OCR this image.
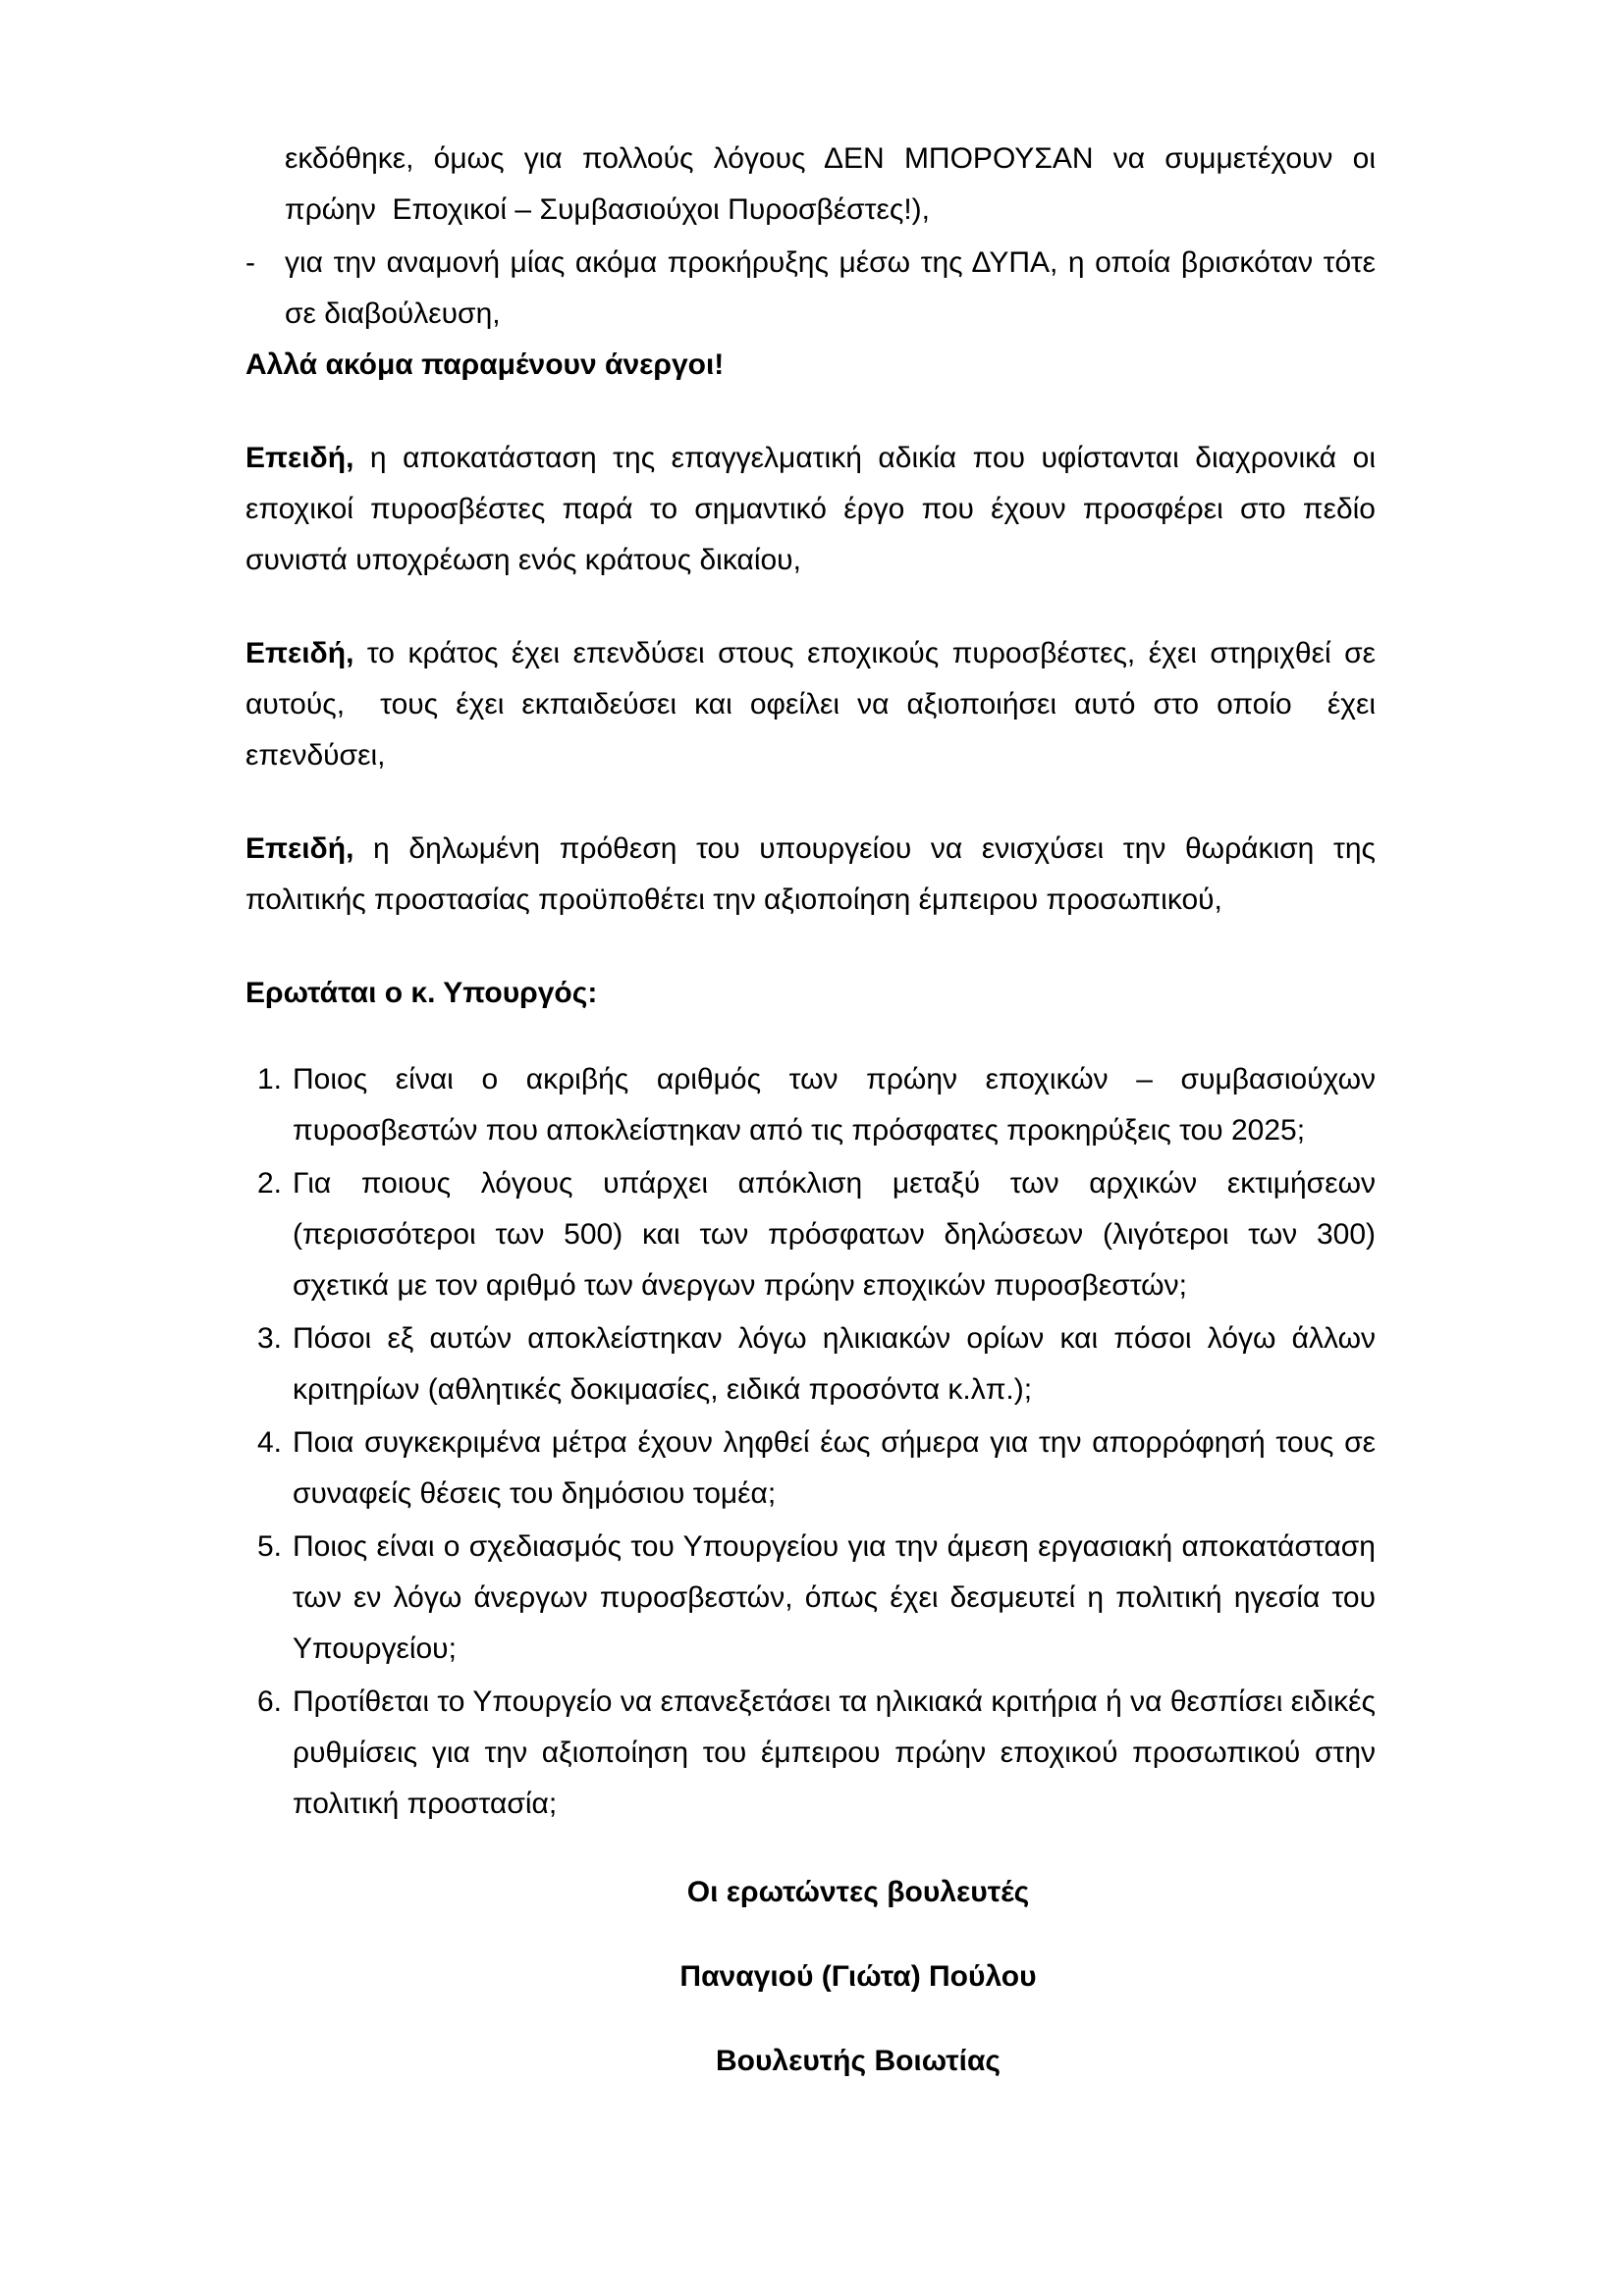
εκδόθηκε, όμως για πολλούς λόγους ΔΕΝ ΜΠΟΡΟΥΣΑΝ να συμμετέχουν οι πρώην  Εποχικοί – Συμβασιούχοι Πυροσβέστες!),

-	για την αναμονή μίας ακόμα προκήρυξης μέσω της ΔΥΠΑ, η οποία βρισκόταν τότε σε διαβούλευση,

Αλλά ακόμα παραμένουν άνεργοι!

Επειδή, η αποκατάσταση της επαγγελματική αδικία που υφίστανται διαχρονικά οι εποχικοί πυροσβέστες παρά το σημαντικό έργο που έχουν προσφέρει στο πεδίο συνιστά υποχρέωση ενός κράτους δικαίου,

Επειδή, το κράτος έχει επενδύσει στους εποχικούς πυροσβέστες, έχει στηριχθεί σε αυτούς,  τους έχει εκπαιδεύσει και οφείλει να αξιοποιήσει αυτό στο οποίο  έχει επενδύσει,

Επειδή, η δηλωμένη πρόθεση του υπουργείου να ενισχύσει την θωράκιση της πολιτικής προστασίας προϋποθέτει την αξιοποίηση έμπειρου προσωπικού,

Ερωτάται ο κ. Υπουργός:

1. Ποιος είναι ο ακριβής αριθμός των πρώην εποχικών – συμβασιούχων πυροσβεστών που αποκλείστηκαν από τις πρόσφατες προκηρύξεις του 2025;

2. Για ποιους λόγους υπάρχει απόκλιση μεταξύ των αρχικών εκτιμήσεων (περισσότεροι των 500) και των πρόσφατων δηλώσεων (λιγότεροι των 300) σχετικά με τον αριθμό των άνεργων πρώην εποχικών πυροσβεστών;

3. Πόσοι εξ αυτών αποκλείστηκαν λόγω ηλικιακών ορίων και πόσοι λόγω άλλων κριτηρίων (αθλητικές δοκιμασίες, ειδικά προσόντα κ.λπ.);

4. Ποια συγκεκριμένα μέτρα έχουν ληφθεί έως σήμερα για την απορρόφησή τους σε συναφείς θέσεις του δημόσιου τομέα;

5. Ποιος είναι ο σχεδιασμός του Υπουργείου για την άμεση εργασιακή αποκατάσταση των εν λόγω άνεργων πυροσβεστών, όπως έχει δεσμευτεί η πολιτική ηγεσία του Υπουργείου;

6. Προτίθεται το Υπουργείο να επανεξετάσει τα ηλικιακά κριτήρια ή να θεσπίσει ειδικές ρυθμίσεις για την αξιοποίηση του έμπειρου πρώην εποχικού προσωπικού στην πολιτική προστασία;

Οι ερωτώντες βουλευτές

Παναγιού (Γιώτα) Πούλου

Βουλευτής Βοιωτίας
